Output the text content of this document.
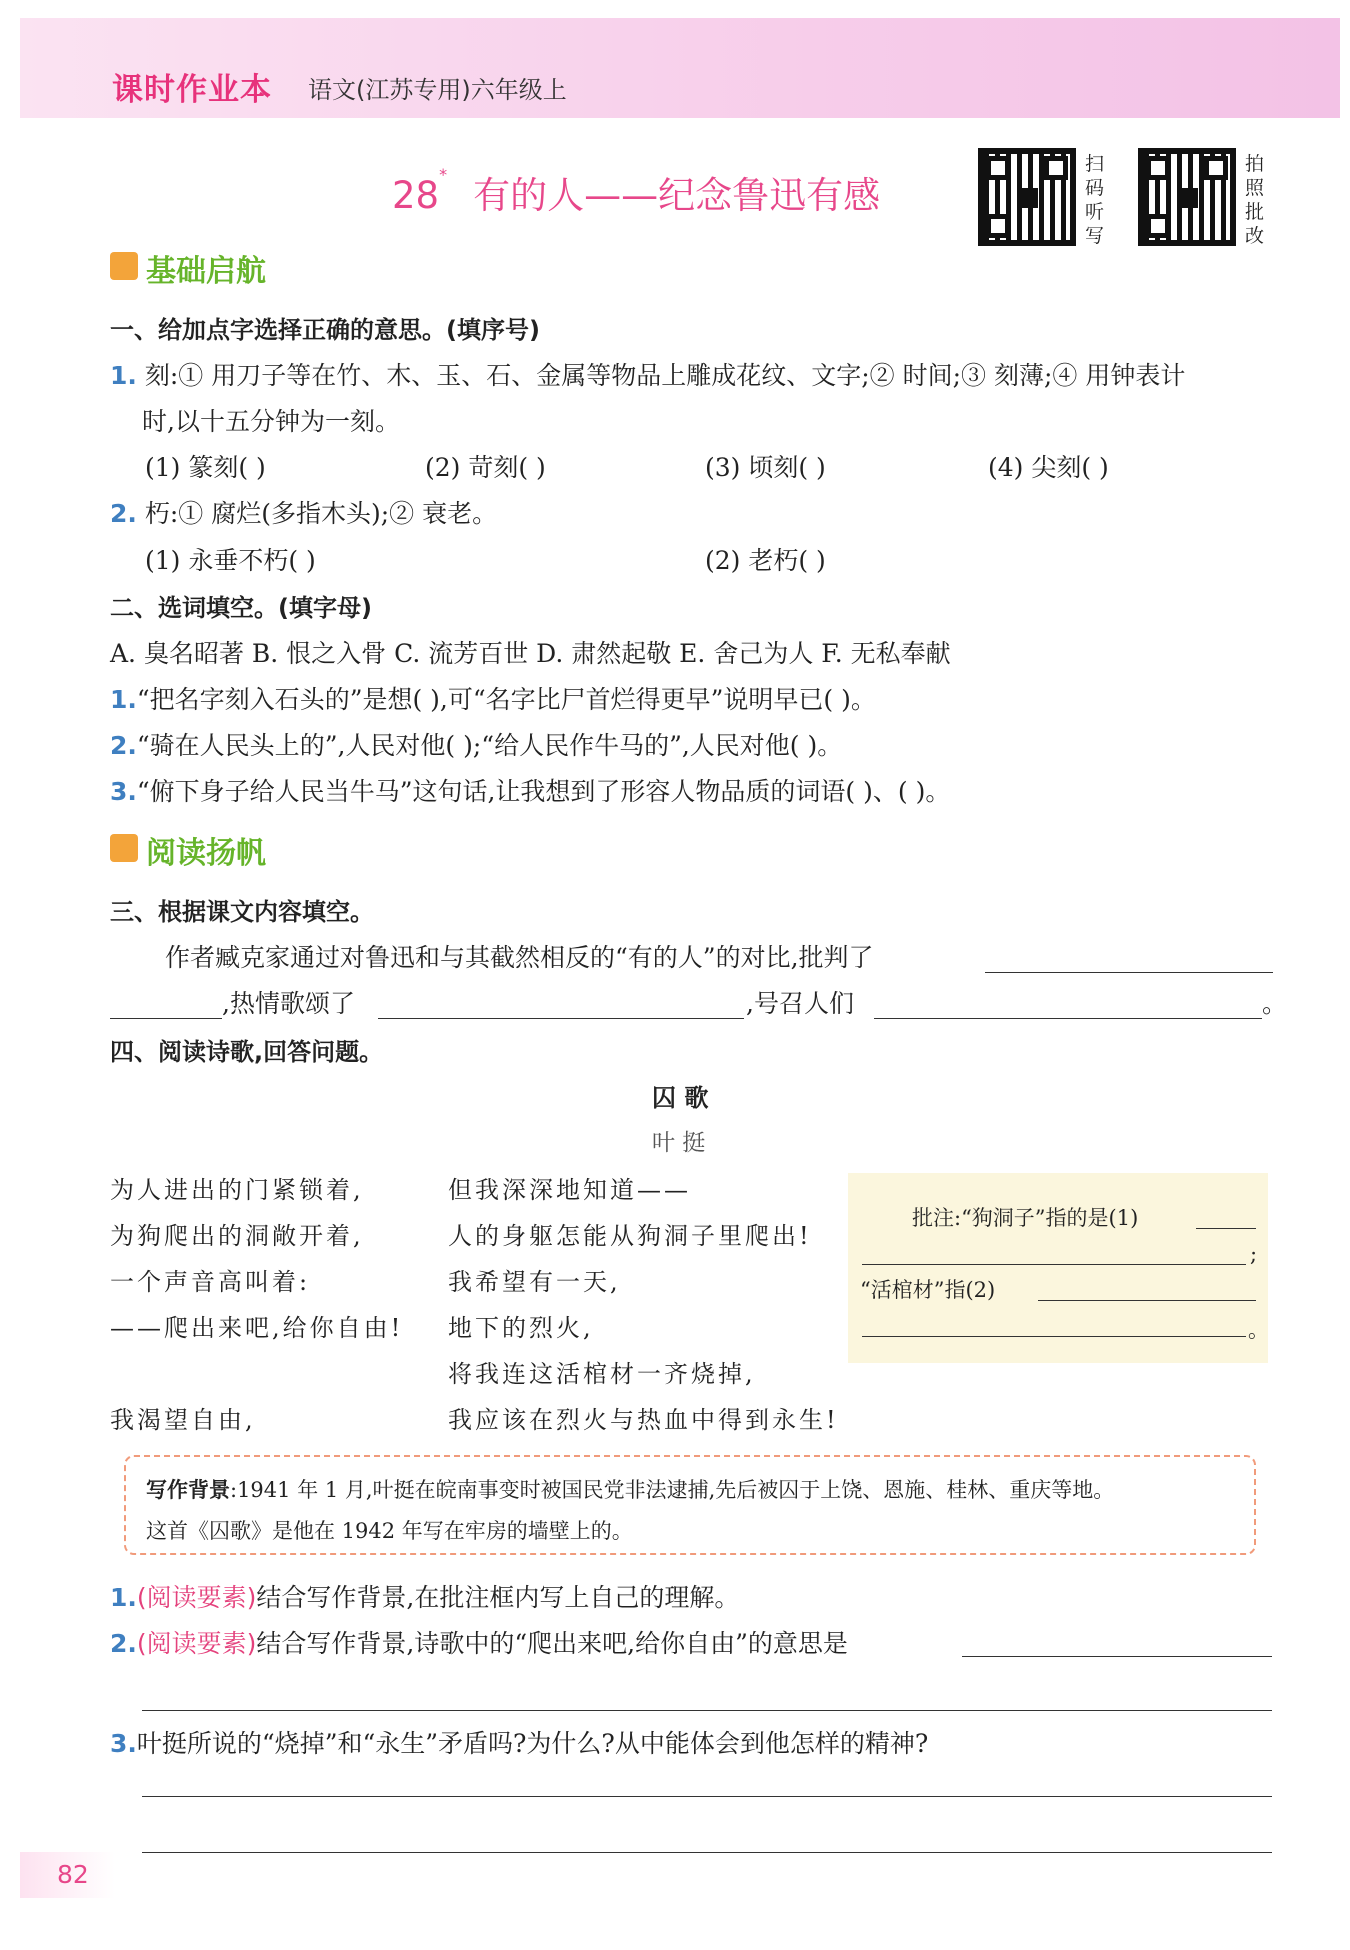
课时作业本 语文(江苏专用)六年级上
28* 有的人——纪念鲁迅有感
扫码听写
拍照批改
基础启航
一、给加点字选择正确的意思。(填序号)
1. 刻:① 用刀子等在竹、木、玉、石、金属等物品上雕成花纹、文字;② 时间;③ 刻薄;④ 用钟表计
时,以十五分钟为一刻。
(1) 篆刻( )	(2) 苛刻( )	(3) 顷刻( )	(4) 尖刻( )
2. 朽:① 腐烂(多指木头);② 衰老。
(1) 永垂不朽( )	(2) 老朽( )
二、选词填空。(填字母)
A. 臭名昭著 B. 恨之入骨 C. 流芳百世 D. 肃然起敬 E. 舍己为人 F. 无私奉献
1.“把名字刻入石头的”是想( ),可“名字比尸首烂得更早”说明早已( )。
2.“骑在人民头上的”,人民对他( );“给人民作牛马的”,人民对他( )。
3.“俯下身子给人民当牛马”这句话,让我想到了形容人物品质的词语( )、( )。
阅读扬帆
三、根据课文内容填空。
作者臧克家通过对鲁迅和与其截然相反的“有的人”的对比,批判了
,热情歌颂了	,号召人们	。
四、阅读诗歌,回答问题。
囚 歌
叶 挺
为人进出的门紧锁着,
为狗爬出的洞敞开着,
一个声音高叫着:
——爬出来吧,给你自由!
我渴望自由,
但我深深地知道——
人的身躯怎能从狗洞子里爬出!
我希望有一天,
地下的烈火,
将我连这活棺材一齐烧掉,
我应该在烈火与热血中得到永生!
批注:“狗洞子”指的是(1)
;
“活棺材”指(2)
。
写作背景:1941 年 1 月,叶挺在皖南事变时被国民党非法逮捕,先后被囚于上饶、恩施、桂林、重庆等地。
这首《囚歌》是他在 1942 年写在牢房的墙壁上的。
1.(阅读要素)结合写作背景,在批注框内写上自己的理解。
2.(阅读要素)结合写作背景,诗歌中的“爬出来吧,给你自由”的意思是
3.叶挺所说的“烧掉”和“永生”矛盾吗?为什么?从中能体会到他怎样的精神?
82
